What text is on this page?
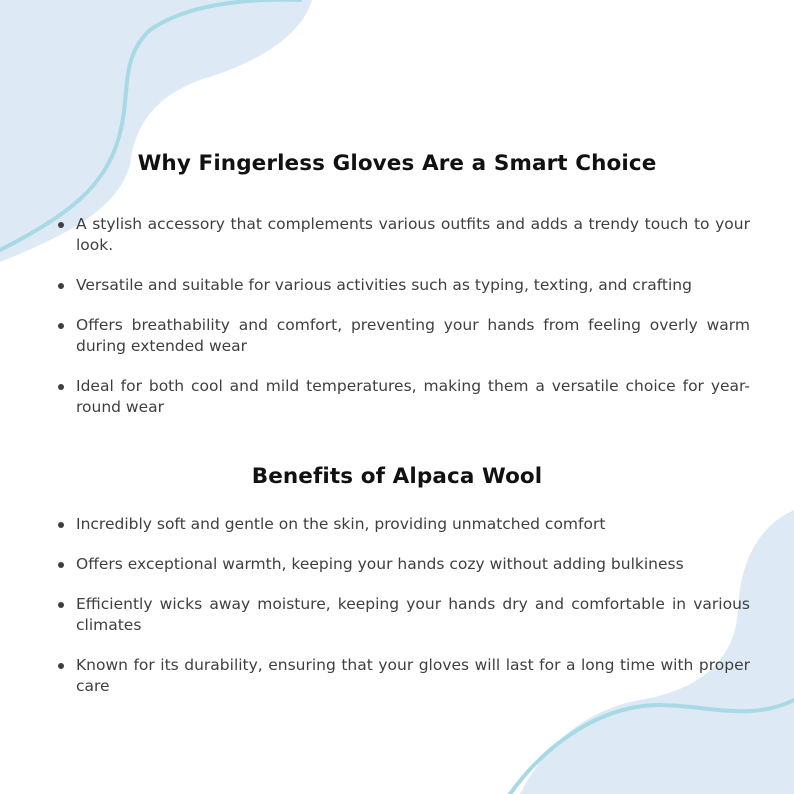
Why Fingerless Gloves Are a Smart Choice
A stylish accessory that complements various outfits and adds a trendy touch to your look.
Versatile and suitable for various activities such as typing, texting, and crafting
Offers breathability and comfort, preventing your hands from feeling overly warm during extended wear
Ideal for both cool and mild temperatures, making them a versatile choice for year-round wear
Benefits of Alpaca Wool
Incredibly soft and gentle on the skin, providing unmatched comfort
Offers exceptional warmth, keeping your hands cozy without adding bulkiness
Efficiently wicks away moisture, keeping your hands dry and comfortable in various climates
Known for its durability, ensuring that your gloves will last for a long time with proper care
